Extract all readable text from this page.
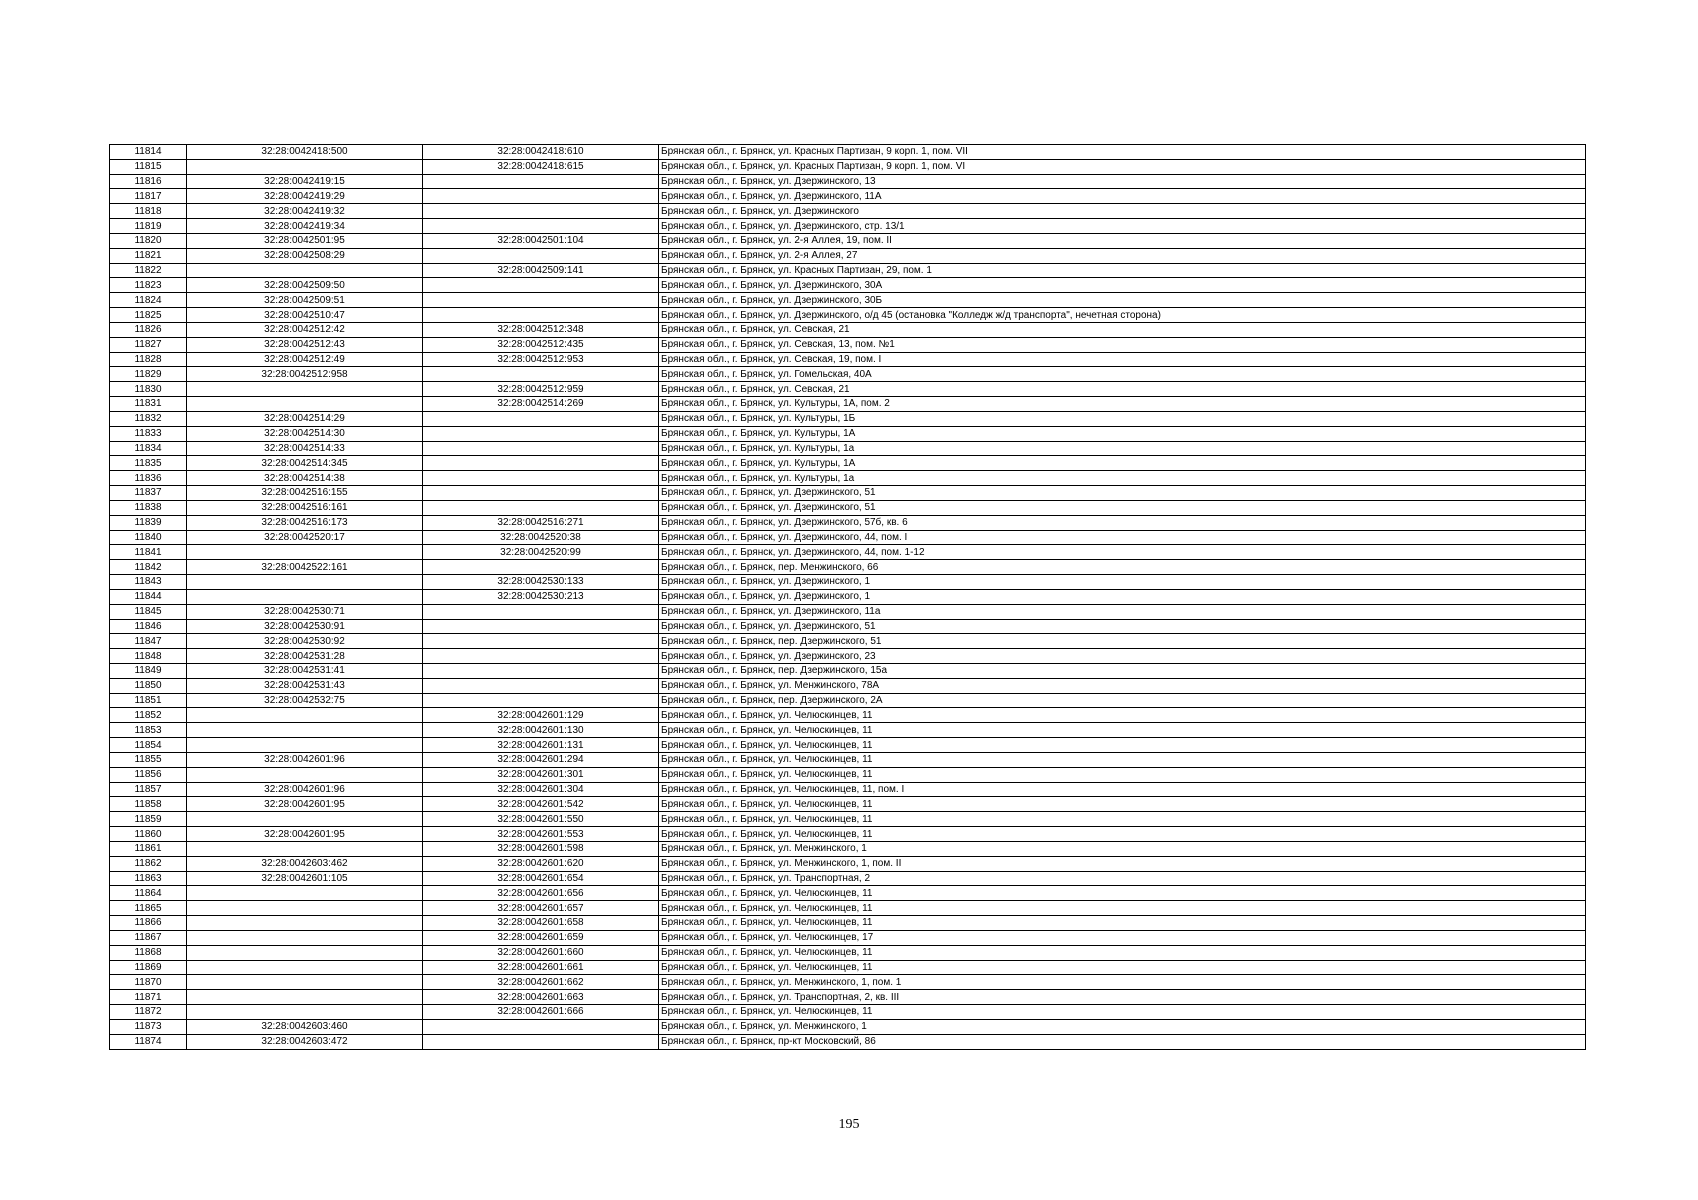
11814	32:28:0042418:500	32:28:0042418:610	Брянская обл., г. Брянск, ул. Красных Партизан, 9 корп. 1, пом. VII
11815		32:28:0042418:615	Брянская обл., г. Брянск, ул. Красных Партизан, 9 корп. 1, пом. VI
11816	32:28:0042419:15		Брянская обл., г. Брянск, ул. Дзержинского, 13
11817	32:28:0042419:29		Брянская обл., г. Брянск, ул. Дзержинского, 11А
11818	32:28:0042419:32		Брянская обл., г. Брянск, ул. Дзержинского
11819	32:28:0042419:34		Брянская обл., г. Брянск, ул. Дзержинского, стр. 13/1
11820	32:28:0042501:95	32:28:0042501:104	Брянская обл., г. Брянск, ул. 2-я Аллея, 19, пом. II
11821	32:28:0042508:29		Брянская обл., г. Брянск, ул. 2-я Аллея, 27
11822		32:28:0042509:141	Брянская обл., г. Брянск, ул. Красных Партизан, 29, пом. 1
11823	32:28:0042509:50		Брянская обл., г. Брянск, ул. Дзержинского, 30А
11824	32:28:0042509:51		Брянская обл., г. Брянск, ул. Дзержинского, 30Б
11825	32:28:0042510:47		Брянская обл., г. Брянск, ул. Дзержинского, о/д 45 (остановка "Колледж ж/д транспорта", нечетная сторона)
11826	32:28:0042512:42	32:28:0042512:348	Брянская обл., г. Брянск, ул. Севская, 21
11827	32:28:0042512:43	32:28:0042512:435	Брянская обл., г. Брянск, ул. Севская, 13, пом. №1
11828	32:28:0042512:49	32:28:0042512:953	Брянская обл., г. Брянск, ул. Севская, 19, пом. I
11829	32:28:0042512:958		Брянская обл., г. Брянск, ул. Гомельская, 40А
11830		32:28:0042512:959	Брянская обл., г. Брянск, ул. Севская, 21
11831		32:28:0042514:269	Брянская обл., г. Брянск, ул. Культуры, 1А, пом. 2
11832	32:28:0042514:29		Брянская обл., г. Брянск, ул. Культуры, 1Б
11833	32:28:0042514:30		Брянская обл., г. Брянск, ул. Культуры, 1А
11834	32:28:0042514:33		Брянская обл., г. Брянск, ул. Культуры, 1а
11835	32:28:0042514:345		Брянская обл., г. Брянск, ул. Культуры, 1А
11836	32:28:0042514:38		Брянская обл., г. Брянск, ул. Культуры, 1а
11837	32:28:0042516:155		Брянская обл., г. Брянск, ул. Дзержинского, 51
11838	32:28:0042516:161		Брянская обл., г. Брянск, ул. Дзержинского, 51
11839	32:28:0042516:173	32:28:0042516:271	Брянская обл., г. Брянск, ул. Дзержинского, 57б, кв. 6
11840	32:28:0042520:17	32:28:0042520:38	Брянская обл., г. Брянск, ул. Дзержинского, 44, пом. I
11841		32:28:0042520:99	Брянская обл., г. Брянск, ул. Дзержинского, 44, пом. 1-12
11842	32:28:0042522:161		Брянская обл., г. Брянск, пер. Менжинского, 66
11843		32:28:0042530:133	Брянская обл., г. Брянск, ул. Дзержинского, 1
11844		32:28:0042530:213	Брянская обл., г. Брянск, ул. Дзержинского, 1
11845	32:28:0042530:71		Брянская обл., г. Брянск, ул. Дзержинского, 11а
11846	32:28:0042530:91		Брянская обл., г. Брянск, ул. Дзержинского, 51
11847	32:28:0042530:92		Брянская обл., г. Брянск, пер. Дзержинского, 51
11848	32:28:0042531:28		Брянская обл., г. Брянск, ул. Дзержинского, 23
11849	32:28:0042531:41		Брянская обл., г. Брянск, пер. Дзержинского, 15а
11850	32:28:0042531:43		Брянская обл., г. Брянск, ул. Менжинского, 78А
11851	32:28:0042532:75		Брянская обл., г. Брянск, пер. Дзержинского, 2А
11852		32:28:0042601:129	Брянская обл., г. Брянск, ул. Челюскинцев, 11
11853		32:28:0042601:130	Брянская обл., г. Брянск, ул. Челюскинцев, 11
11854		32:28:0042601:131	Брянская обл., г. Брянск, ул. Челюскинцев, 11
11855	32:28:0042601:96	32:28:0042601:294	Брянская обл., г. Брянск, ул. Челюскинцев, 11
11856		32:28:0042601:301	Брянская обл., г. Брянск, ул. Челюскинцев, 11
11857	32:28:0042601:96	32:28:0042601:304	Брянская обл., г. Брянск, ул. Челюскинцев, 11, пом. I
11858	32:28:0042601:95	32:28:0042601:542	Брянская обл., г. Брянск, ул. Челюскинцев, 11
11859		32:28:0042601:550	Брянская обл., г. Брянск, ул. Челюскинцев, 11
11860	32:28:0042601:95	32:28:0042601:553	Брянская обл., г. Брянск, ул. Челюскинцев, 11
11861		32:28:0042601:598	Брянская обл., г. Брянск, ул. Менжинского, 1
11862	32:28:0042603:462	32:28:0042601:620	Брянская обл., г. Брянск, ул. Менжинского, 1, пом. II
11863	32:28:0042601:105	32:28:0042601:654	Брянская обл., г. Брянск, ул. Транспортная, 2
11864		32:28:0042601:656	Брянская обл., г. Брянск, ул. Челюскинцев, 11
11865		32:28:0042601:657	Брянская обл., г. Брянск, ул. Челюскинцев, 11
11866		32:28:0042601:658	Брянская обл., г. Брянск, ул. Челюскинцев, 11
11867		32:28:0042601:659	Брянская обл., г. Брянск, ул. Челюскинцев, 17
11868		32:28:0042601:660	Брянская обл., г. Брянск, ул. Челюскинцев, 11
11869		32:28:0042601:661	Брянская обл., г. Брянск, ул. Челюскинцев, 11
11870		32:28:0042601:662	Брянская обл., г. Брянск, ул. Менжинского, 1, пом. 1
11871		32:28:0042601:663	Брянская обл., г. Брянск, ул. Транспортная, 2, кв. III
11872		32:28:0042601:666	Брянская обл., г. Брянск, ул. Челюскинцев, 11
11873	32:28:0042603:460		Брянская обл., г. Брянск, ул. Менжинского, 1
11874	32:28:0042603:472		Брянская обл., г. Брянск, пр-кт Московский, 86
195
